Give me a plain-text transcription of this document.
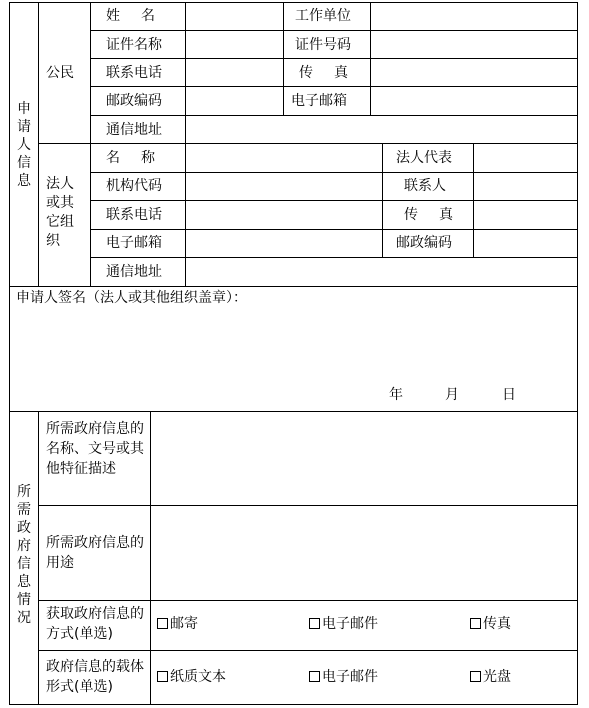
申
请
人
信
息
公民
姓名	工作单位
证件名称	证件号码
联系电话	传真
邮政编码	电子邮箱
通信地址
法人或其它组织
名称	法人代表
机构代码	联系人
联系电话	传真
电子邮箱	邮政编码
通信地址
申请人签名（法人或其他组织盖章）：
年	月	日
所
需
政
府
信
息
情
况
所需政府信息的名称、文号或其他特征描述
所需政府信息的用途
获取政府信息的方式(单选)
邮寄	电子邮件	传真
政府信息的载体形式(单选)
纸质文本	电子邮件	光盘
